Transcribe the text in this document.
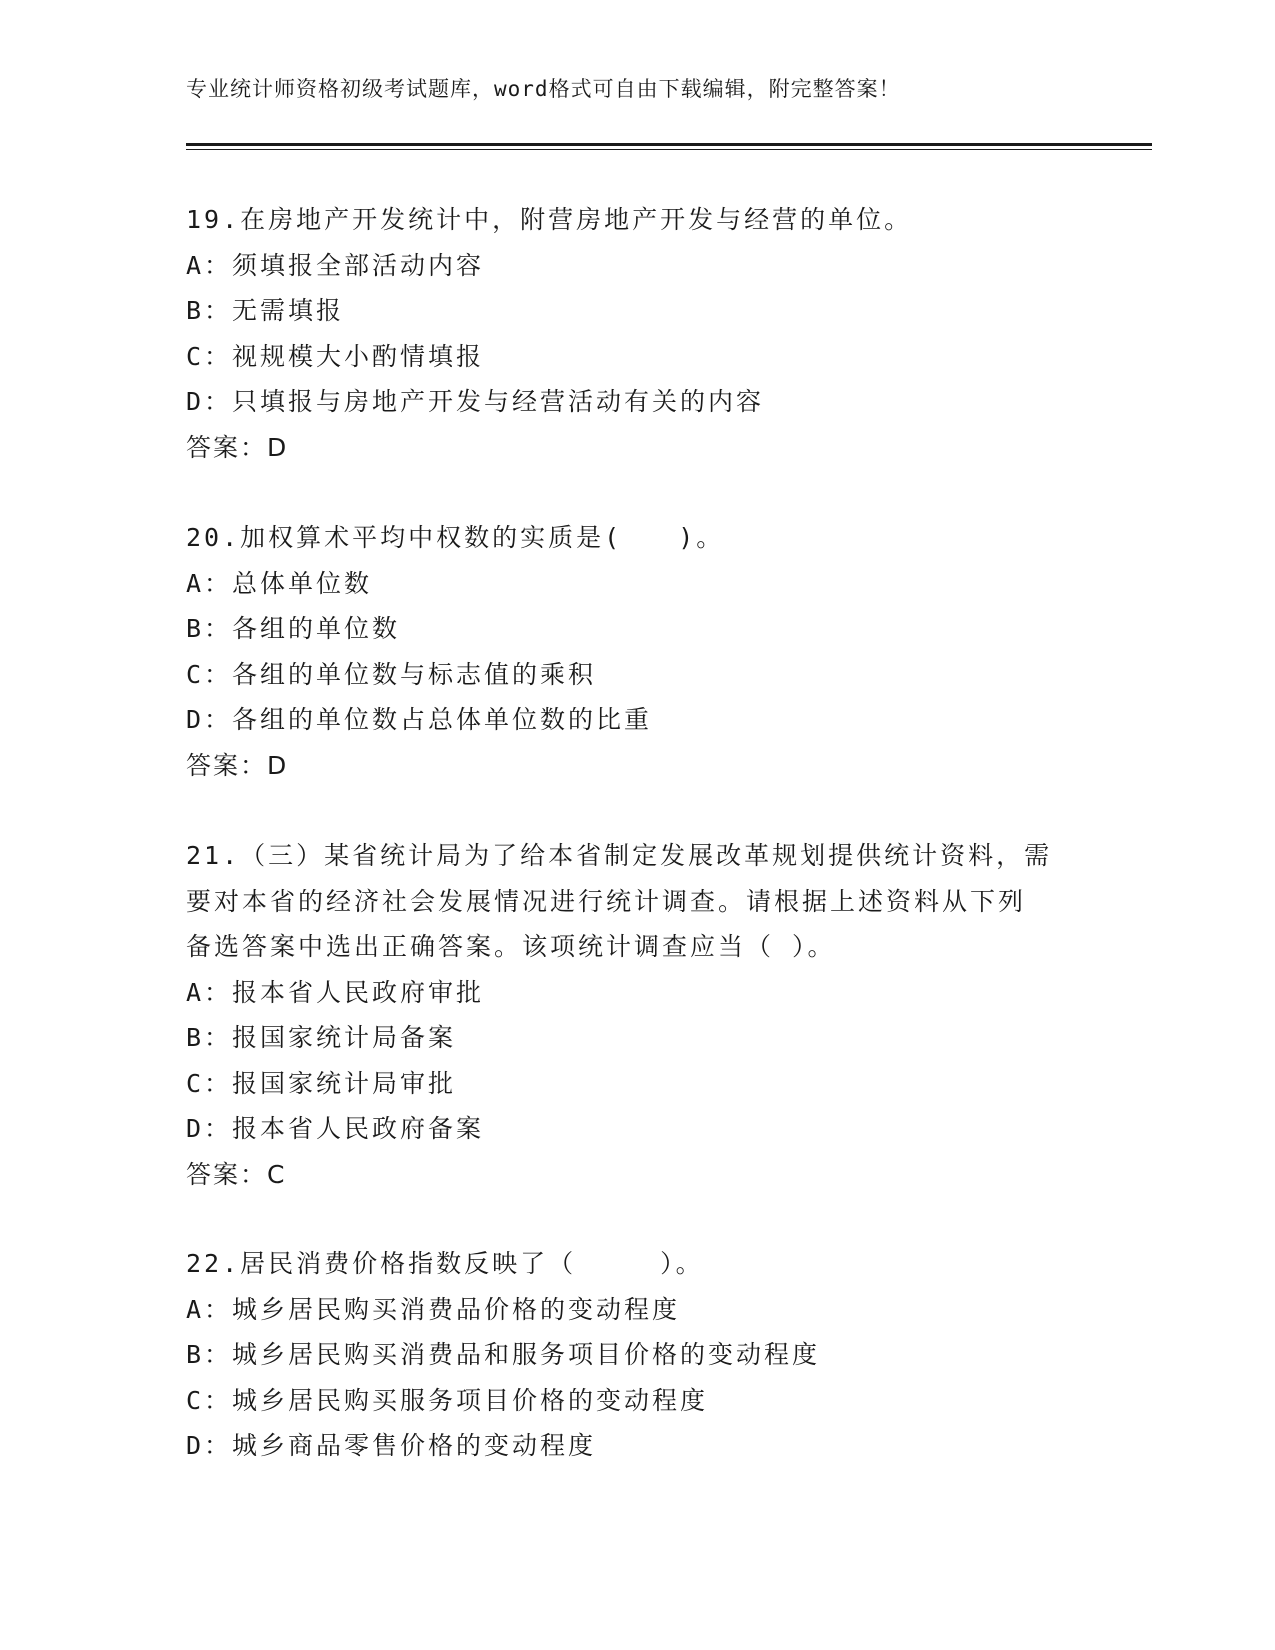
专业统计师资格初级考试题库，word格式可自由下载编辑，附完整答案！
19.在房地产开发统计中，附营房地产开发与经营的单位。
A：须填报全部活动内容
B：无需填报
C：视规模大小酌情填报
D：只填报与房地产开发与经营活动有关的内容
答案：D
20.加权算术平均中权数的实质是(　　)。
A：总体单位数
B：各组的单位数
C：各组的单位数与标志值的乘积
D：各组的单位数占总体单位数的比重
答案：D
21.（三）某省统计局为了给本省制定发展改革规划提供统计资料，需
要对本省的经济社会发展情况进行统计调查。请根据上述资料从下列
备选答案中选出正确答案。该项统计调查应当（ ）。
A：报本省人民政府审批
B：报国家统计局备案
C：报国家统计局审批
D：报本省人民政府备案
答案：C
22.居民消费价格指数反映了（　　　）。
A：城乡居民购买消费品价格的变动程度
B：城乡居民购买消费品和服务项目价格的变动程度
C：城乡居民购买服务项目价格的变动程度
D：城乡商品零售价格的变动程度
